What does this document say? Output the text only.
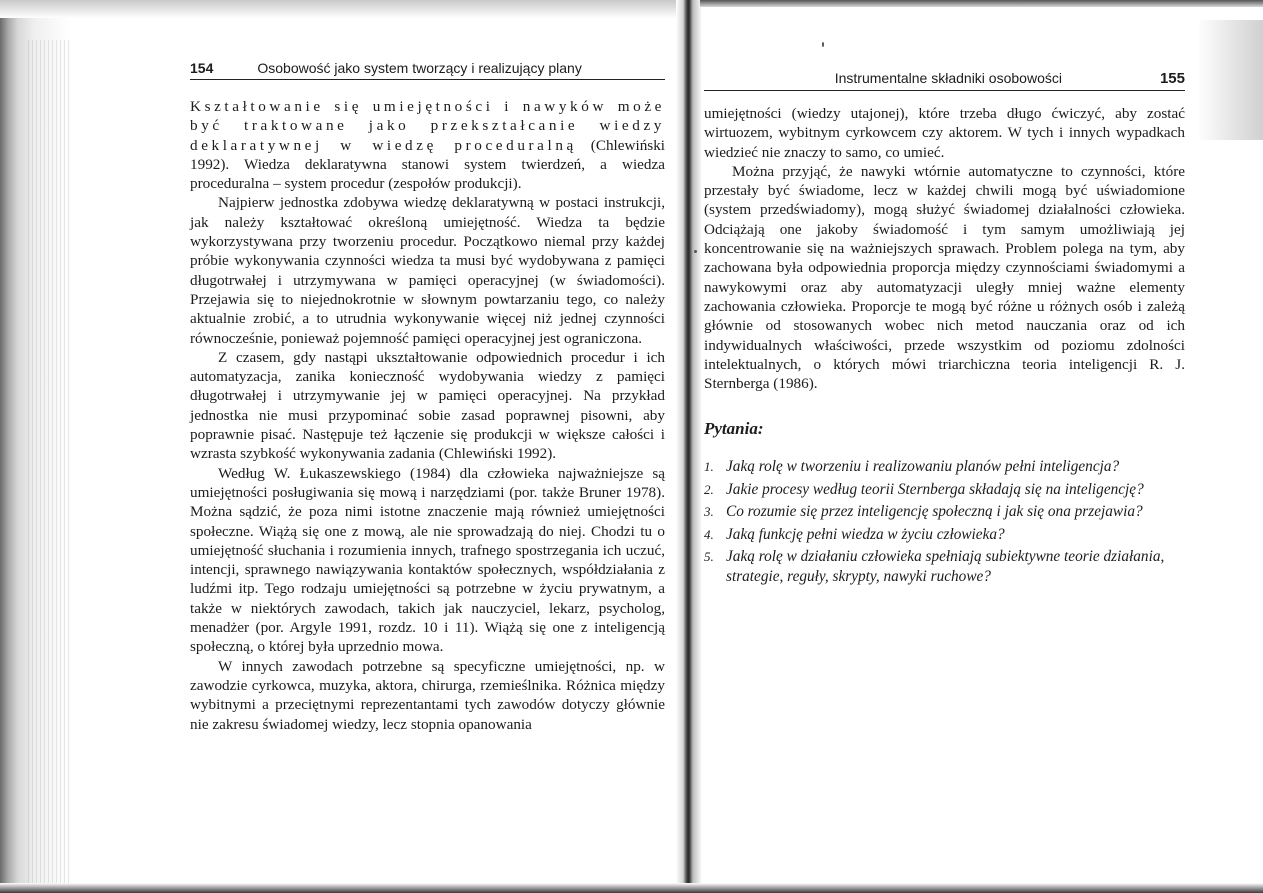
154	Osobowość jako system tworzący i realizujący plany

Kształtowanie się umiejętności i nawyków może być traktowane jako przekształcanie wiedzy deklaratywnej w wiedzę proceduralną (Chlewiński 1992). Wiedza deklaratywna stanowi system twierdzeń, a wiedza proceduralna – system procedur (zespołów produkcji).

Najpierw jednostka zdobywa wiedzę deklaratywną w postaci instrukcji, jak należy kształtować określoną umiejętność. Wiedza ta będzie wykorzystywana przy tworzeniu procedur. Początkowo niemal przy każdej próbie wykonywania czynności wiedza ta musi być wydobywana z pamięci długotrwałej i utrzymywana w pamięci operacyjnej (w świadomości). Przejawia się to niejednokrotnie w słownym powtarzaniu tego, co należy aktualnie zrobić, a to utrudnia wykonywanie więcej niż jednej czynności równocześnie, ponieważ pojemność pamięci operacyjnej jest ograniczona.

Z czasem, gdy nastąpi ukształtowanie odpowiednich procedur i ich automatyzacja, zanika konieczność wydobywania wiedzy z pamięci długotrwałej i utrzymywanie jej w pamięci operacyjnej. Na przykład jednostka nie musi przypominać sobie zasad poprawnej pisowni, aby poprawnie pisać. Następuje też łączenie się produkcji w większe całości i wzrasta szybkość wykonywania zadania (Chlewiński 1992).

Według W. Łukaszewskiego (1984) dla człowieka najważniejsze są umiejętności posługiwania się mową i narzędziami (por. także Bruner 1978). Można sądzić, że poza nimi istotne znaczenie mają również umiejętności społeczne. Wiążą się one z mową, ale nie sprowadzają do niej. Chodzi tu o umiejętność słuchania i rozumienia innych, trafnego spostrzegania ich uczuć, intencji, sprawnego nawiązywania kontaktów społecznych, współdziałania z ludźmi itp. Tego rodzaju umiejętności są potrzebne w życiu prywatnym, a także w niektórych zawodach, takich jak nauczyciel, lekarz, psycholog, menadżer (por. Argyle 1991, rozdz. 10 i 11). Wiążą się one z inteligencją społeczną, o której była uprzednio mowa.

W innych zawodach potrzebne są specyficzne umiejętności, np. w zawodzie cyrkowca, muzyka, aktora, chirurga, rzemieślnika. Różnica między wybitnymi a przeciętnymi reprezentantami tych zawodów dotyczy głównie nie zakresu świadomej wiedzy, lecz stopnia opanowania

Instrumentalne składniki osobowości	155

umiejętności (wiedzy utajonej), które trzeba długo ćwiczyć, aby zostać wirtuozem, wybitnym cyrkowcem czy aktorem. W tych i innych wypadkach wiedzieć nie znaczy to samo, co umieć.

Można przyjąć, że nawyki wtórnie automatyczne to czynności, które przestały być świadome, lecz w każdej chwili mogą być uświadomione (system przedświadomy), mogą służyć świadomej działalności człowieka. Odciążają one jakoby świadomość i tym samym umożliwiają jej koncentrowanie się na ważniejszych sprawach. Problem polega na tym, aby zachowana była odpowiednia proporcja między czynnościami świadomymi a nawykowymi oraz aby automatyzacji uległy mniej ważne elementy zachowania człowieka. Proporcje te mogą być różne u różnych osób i zależą głównie od stosowanych wobec nich metod nauczania oraz od ich indywidualnych właściwości, przede wszystkim od poziomu zdolności intelektualnych, o których mówi triarchiczna teoria inteligencji R. J. Sternberga (1986).

Pytania:
1. Jaką rolę w tworzeniu i realizowaniu planów pełni inteligencja?
2. Jakie procesy według teorii Sternberga składają się na inteligencję?
3. Co rozumie się przez inteligencję społeczną i jak się ona przejawia?
4. Jaką funkcję pełni wiedza w życiu człowieka?
5. Jaką rolę w działaniu człowieka spełniają subiektywne teorie działania, strategie, reguły, skrypty, nawyki ruchowe?
